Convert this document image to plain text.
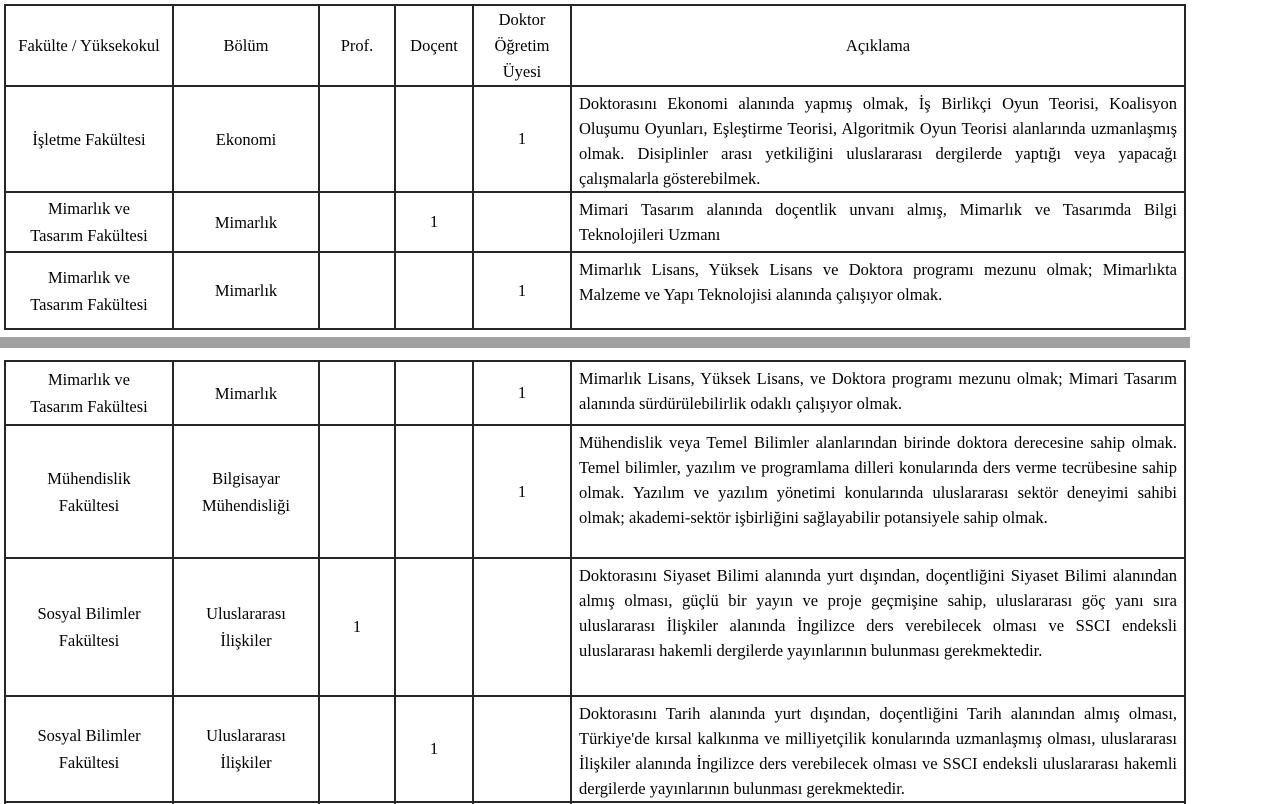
Fakülte / Yüksekokul	Bölüm	Prof.	Doçent	Doktor Öğretim Üyesi	Açıklama
İşletme Fakültesi	Ekonomi			1	Doktorasını Ekonomi alanında yapmış olmak, İş Birlikçi Oyun Teorisi, Koalisyon Oluşumu Oyunları, Eşleştirme Teorisi, Algoritmik Oyun Teorisi alanlarında uzmanlaşmış olmak. Disiplinler arası yetkiliğini uluslararası dergilerde yaptığı veya yapacağı çalışmalarla gösterebilmek.
Mimarlık ve Tasarım Fakültesi	Mimarlık		1		Mimari Tasarım alanında doçentlik unvanı almış, Mimarlık ve Tasarımda Bilgi Teknolojileri Uzmanı
Mimarlık ve Tasarım Fakültesi	Mimarlık			1	Mimarlık Lisans, Yüksek Lisans ve Doktora programı mezunu olmak; Mimarlıkta Malzeme ve Yapı Teknolojisi alanında çalışıyor olmak.
Mimarlık ve Tasarım Fakültesi	Mimarlık			1	Mimarlık Lisans, Yüksek Lisans, ve Doktora programı mezunu olmak; Mimari Tasarım alanında sürdürülebilirlik odaklı çalışıyor olmak.
Mühendislik Fakültesi	Bilgisayar Mühendisliği			1	Mühendislik veya Temel Bilimler alanlarından birinde doktora derecesine sahip olmak. Temel bilimler, yazılım ve programlama dilleri konularında ders verme tecrübesine sahip olmak. Yazılım ve yazılım yönetimi konularında uluslararası sektör deneyimi sahibi olmak; akademi-sektör işbirliğini sağlayabilir potansiyele sahip olmak.
Sosyal Bilimler Fakültesi	Uluslararası İlişkiler	1			Doktorasını Siyaset Bilimi alanında yurt dışından, doçentliğini Siyaset Bilimi alanından almış olması, güçlü bir yayın ve proje geçmişine sahip, uluslararası göç yanı sıra uluslararası İlişkiler alanında İngilizce ders verebilecek olması ve SSCI endeksli uluslararası hakemli dergilerde yayınlarının bulunması gerekmektedir.
Sosyal Bilimler Fakültesi	Uluslararası İlişkiler		1		Doktorasını Tarih alanında yurt dışından, doçentliğini Tarih alanından almış olması, Türkiye'de kırsal kalkınma ve milliyetçilik konularında uzmanlaşmış olması, uluslararası İlişkiler alanında İngilizce ders verebilecek olması ve SSCI endeksli uluslararası hakemli dergilerde yayınlarının bulunması gerekmektedir.
